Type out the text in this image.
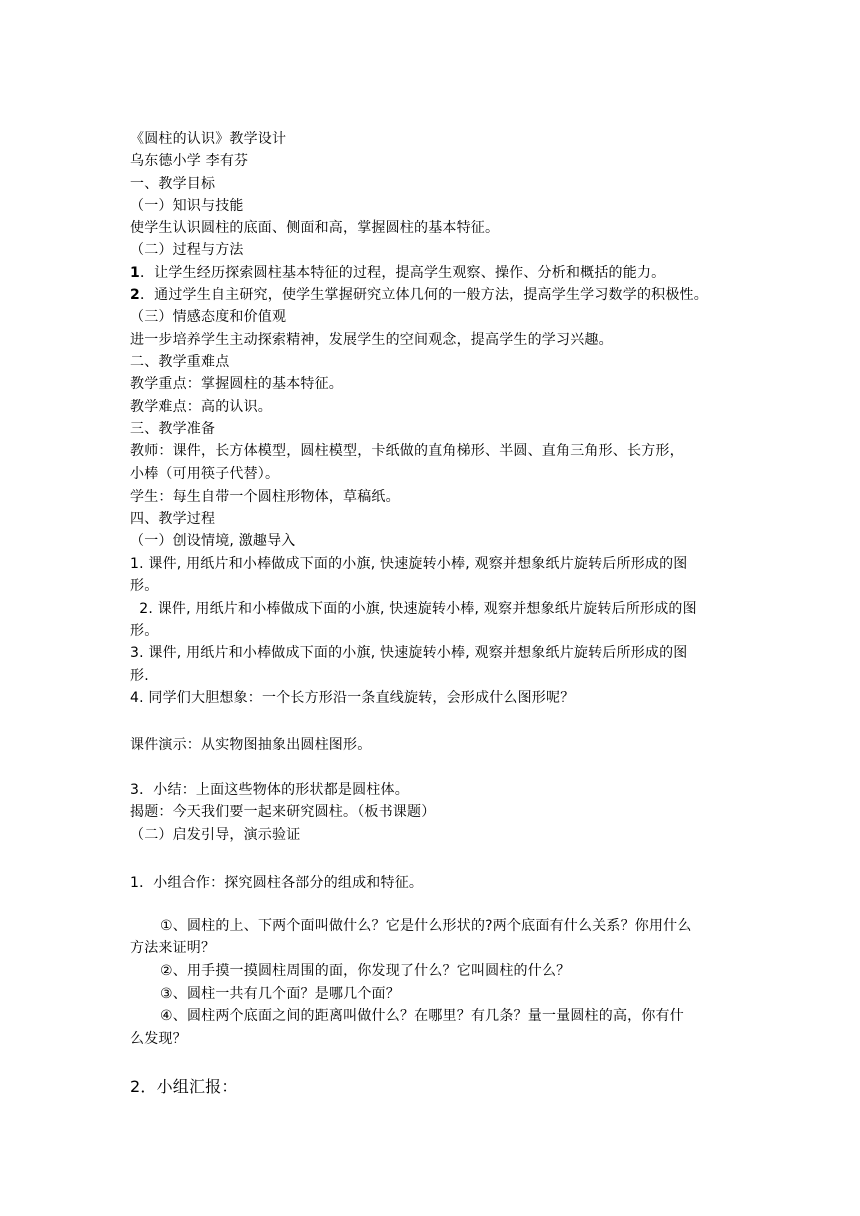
《圆柱的认识》教学设计
乌东德小学 李有芬
一、教学目标
（一）知识与技能
使学生认识圆柱的底面、侧面和高，掌握圆柱的基本特征。
（二）过程与方法
1．让学生经历探索圆柱基本特征的过程，提高学生观察、操作、分析和概括的能力。
2．通过学生自主研究，使学生掌握研究立体几何的一般方法，提高学生学习数学的积极性。
（三）情感态度和价值观
进一步培养学生主动探索精神，发展学生的空间观念，提高学生的学习兴趣。
二、教学重难点
教学重点：掌握圆柱的基本特征。
教学难点：高的认识。
三、教学准备
教师：课件，长方体模型，圆柱模型，卡纸做的直角梯形、半圆、直角三角形、长方形，
小棒（可用筷子代替）。
学生：每生自带一个圆柱形物体，草稿纸。
四、教学过程
（一）创设情境, 激趣导入
1. 课件, 用纸片和小棒做成下面的小旗, 快速旋转小棒, 观察并想象纸片旋转后所形成的图
形。
2. 课件, 用纸片和小棒做成下面的小旗, 快速旋转小棒, 观察并想象纸片旋转后所形成的图
形。
3. 课件, 用纸片和小棒做成下面的小旗, 快速旋转小棒, 观察并想象纸片旋转后所形成的图
形.
4. 同学们大胆想象：一个长方形沿一条直线旋转，会形成什么图形呢？
课件演示：从实物图抽象出圆柱图形。
3．小结：上面这些物体的形状都是圆柱体。
揭题：今天我们要一起来研究圆柱。（板书课题）
（二）启发引导，演示验证
1．小组合作：探究圆柱各部分的组成和特征。
①、圆柱的上、下两个面叫做什么？它是什么形状的?两个底面有什么关系？你用什么
方法来证明？
②、用手摸一摸圆柱周围的面，你发现了什么？它叫圆柱的什么？
③、圆柱一共有几个面？是哪几个面？
④、圆柱两个底面之间的距离叫做什么？在哪里？有几条？量一量圆柱的高，你有什
么发现？
2．小组汇报：
